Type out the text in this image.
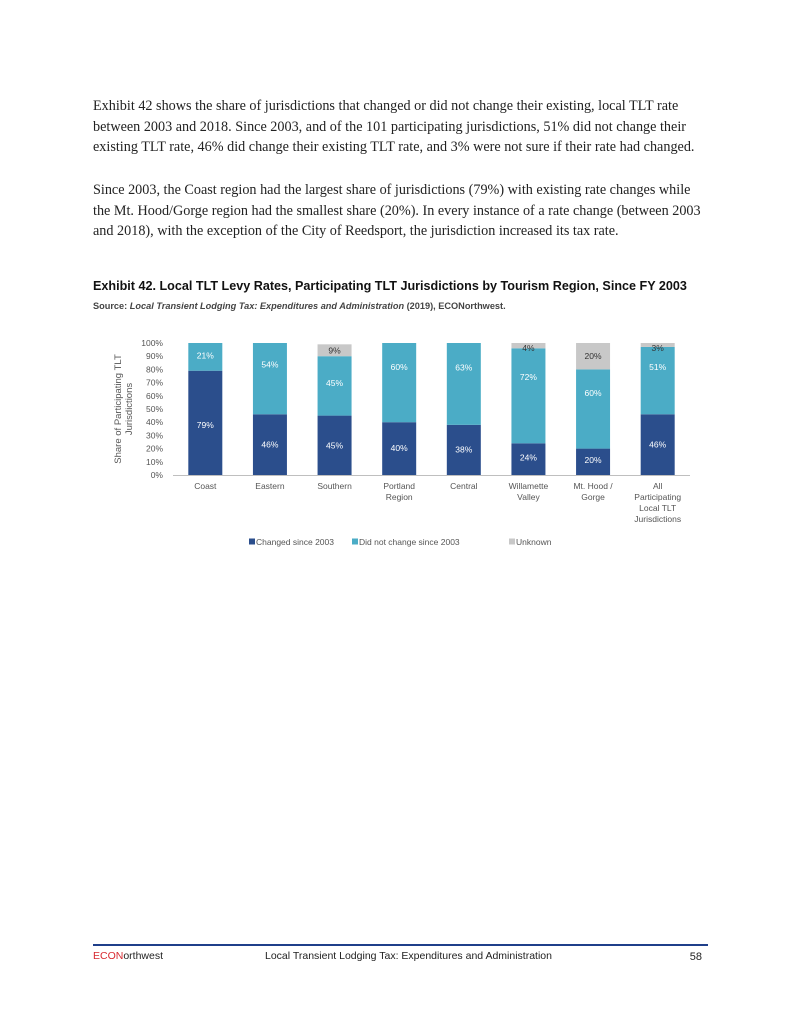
Exhibit 42 shows the share of jurisdictions that changed or did not change their existing, local TLT rate between 2003 and 2018. Since 2003, and of the 101 participating jurisdictions, 51% did not change their existing TLT rate, 46% did change their existing TLT rate, and 3% were not sure if their rate had changed.

Since 2003, the Coast region had the largest share of jurisdictions (79%) with existing rate changes while the Mt. Hood/Gorge region had the smallest share (20%). In every instance of a rate change (between 2003 and 2018), with the exception of the City of Reedsport, the jurisdiction increased its tax rate.

Exhibit 42. Local TLT Levy Rates, Participating TLT Jurisdictions by Tourism Region, Since FY 2003
Source: Local Transient Lodging Tax: Expenditures and Administration (2019), ECONorthwest.
Share of Participating TLTJurisdictions
0%
10%
20%
30%
40%
50%
60%
70%
80%
90%
100%
79%
21%
Coast
46%
54%
Eastern
45%
45%
9%
Southern
40%
60%
Portland
Region
38%
63%
Central
24%
72%
4%
Willamette
Valley
20%
60%
20%
Mt. Hood /
Gorge
46%
51%
3%
All
Participating
Local TLT
Jurisdictions
Changed since 2003	Did not change since 2003	Unknown
ECONorthwest	Local Transient Lodging Tax: Expenditures and Administration	58
